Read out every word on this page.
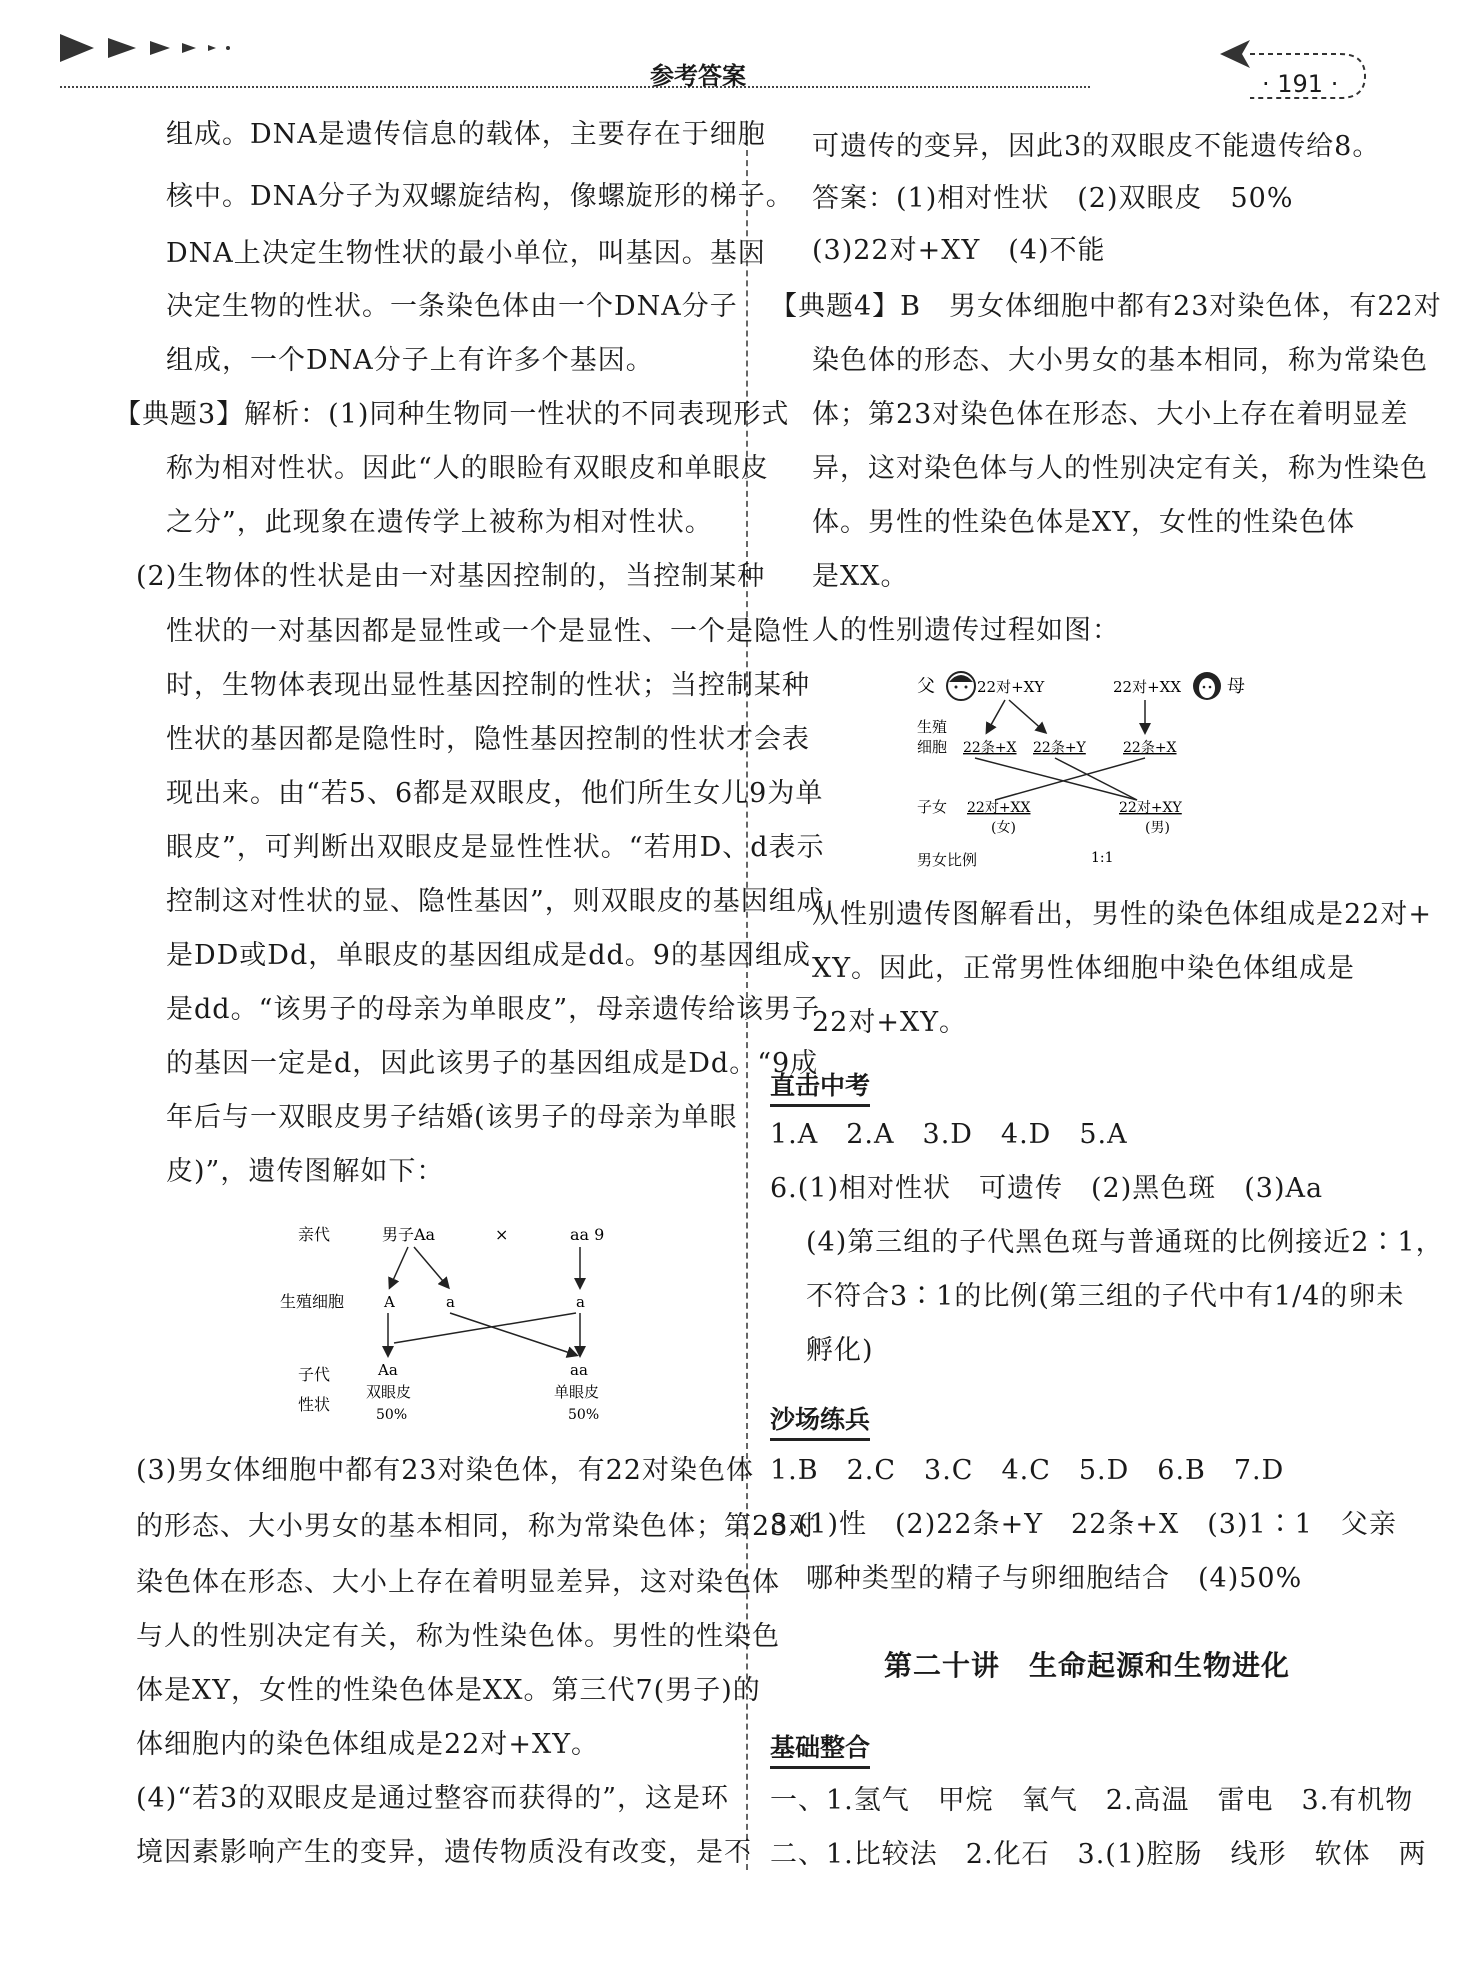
参考答案	· 191 ·
组成。DNA是遗传信息的载体，主要存在于细胞
核中。DNA分子为双螺旋结构，像螺旋形的梯子。
DNA上决定生物性状的最小单位，叫基因。基因
决定生物的性状。一条染色体由一个DNA分子
组成，一个DNA分子上有许多个基因。
【典题3】解析：(1)同种生物同一性状的不同表现形式
称为相对性状。因此“人的眼睑有双眼皮和单眼皮
之分”，此现象在遗传学上被称为相对性状。
(2)生物体的性状是由一对基因控制的，当控制某种
性状的一对基因都是显性或一个是显性、一个是隐性
时，生物体表现出显性基因控制的性状；当控制某种
性状的基因都是隐性时，隐性基因控制的性状才会表
现出来。由“若5、6都是双眼皮，他们所生女儿9为单
眼皮”，可判断出双眼皮是显性性状。“若用D、d表示
控制这对性状的显、隐性基因”，则双眼皮的基因组成
是DD或Dd，单眼皮的基因组成是dd。9的基因组成
是dd。“该男子的母亲为单眼皮”，母亲遗传给该男子
的基因一定是d，因此该男子的基因组成是Dd。“9成
年后与一双眼皮男子结婚(该男子的母亲为单眼
皮)”，遗传图解如下：
亲代	男子Aa	×	aa 9
生殖细胞	A	a	a
子代
性状
Aa
双眼皮
50%
aa
单眼皮
50%
(3)男女体细胞中都有23对染色体，有22对染色体
的形态、大小男女的基本相同，称为常染色体；第23对
染色体在形态、大小上存在着明显差异，这对染色体
与人的性别决定有关，称为性染色体。男性的性染色
体是XY，女性的性染色体是XX。第三代7(男子)的
体细胞内的染色体组成是22对+XY。
(4)“若3的双眼皮是通过整容而获得的”，这是环
境因素影响产生的变异，遗传物质没有改变，是不
可遗传的变异，因此3的双眼皮不能遗传给8。
答案：(1)相对性状　(2)双眼皮　50%
(3)22对+XY　(4)不能
【典题4】B　男女体细胞中都有23对染色体，有22对
染色体的形态、大小男女的基本相同，称为常染色
体；第23对染色体在形态、大小上存在着明显差
异，这对染色体与人的性别决定有关，称为性染色
体。男性的性染色体是XY，女性的性染色体
是XX。
人的性别遗传过程如图：
父	22对+XY	22对+XX	母
生殖
细胞 22条+X 22条+Y	22条+X
子女 22对+XX
(女)
22对+XY
(男)
男女比例	1:1
从性别遗传图解看出，男性的染色体组成是22对+
XY。因此，正常男性体细胞中染色体组成是
22对+XY。
直击中考
1.A　2.A　3.D　4.D　5.A
6.(1)相对性状　可遗传　(2)黑色斑　(3)Aa
(4)第三组的子代黑色斑与普通斑的比例接近2∶1，
不符合3∶1的比例(第三组的子代中有1/4的卵未
孵化)
沙场练兵
1.B　2.C　3.C　4.C　5.D　6.B　7.D
8.(1)性　(2)22条+Y　22条+X　(3)1∶1　父亲
哪种类型的精子与卵细胞结合　(4)50%
第二十讲　生命起源和生物进化
基础整合
一、1.氢气　甲烷　氧气　2.高温　雷电　3.有机物
二、1.比较法　2.化石　3.(1)腔肠　线形　软体　两
